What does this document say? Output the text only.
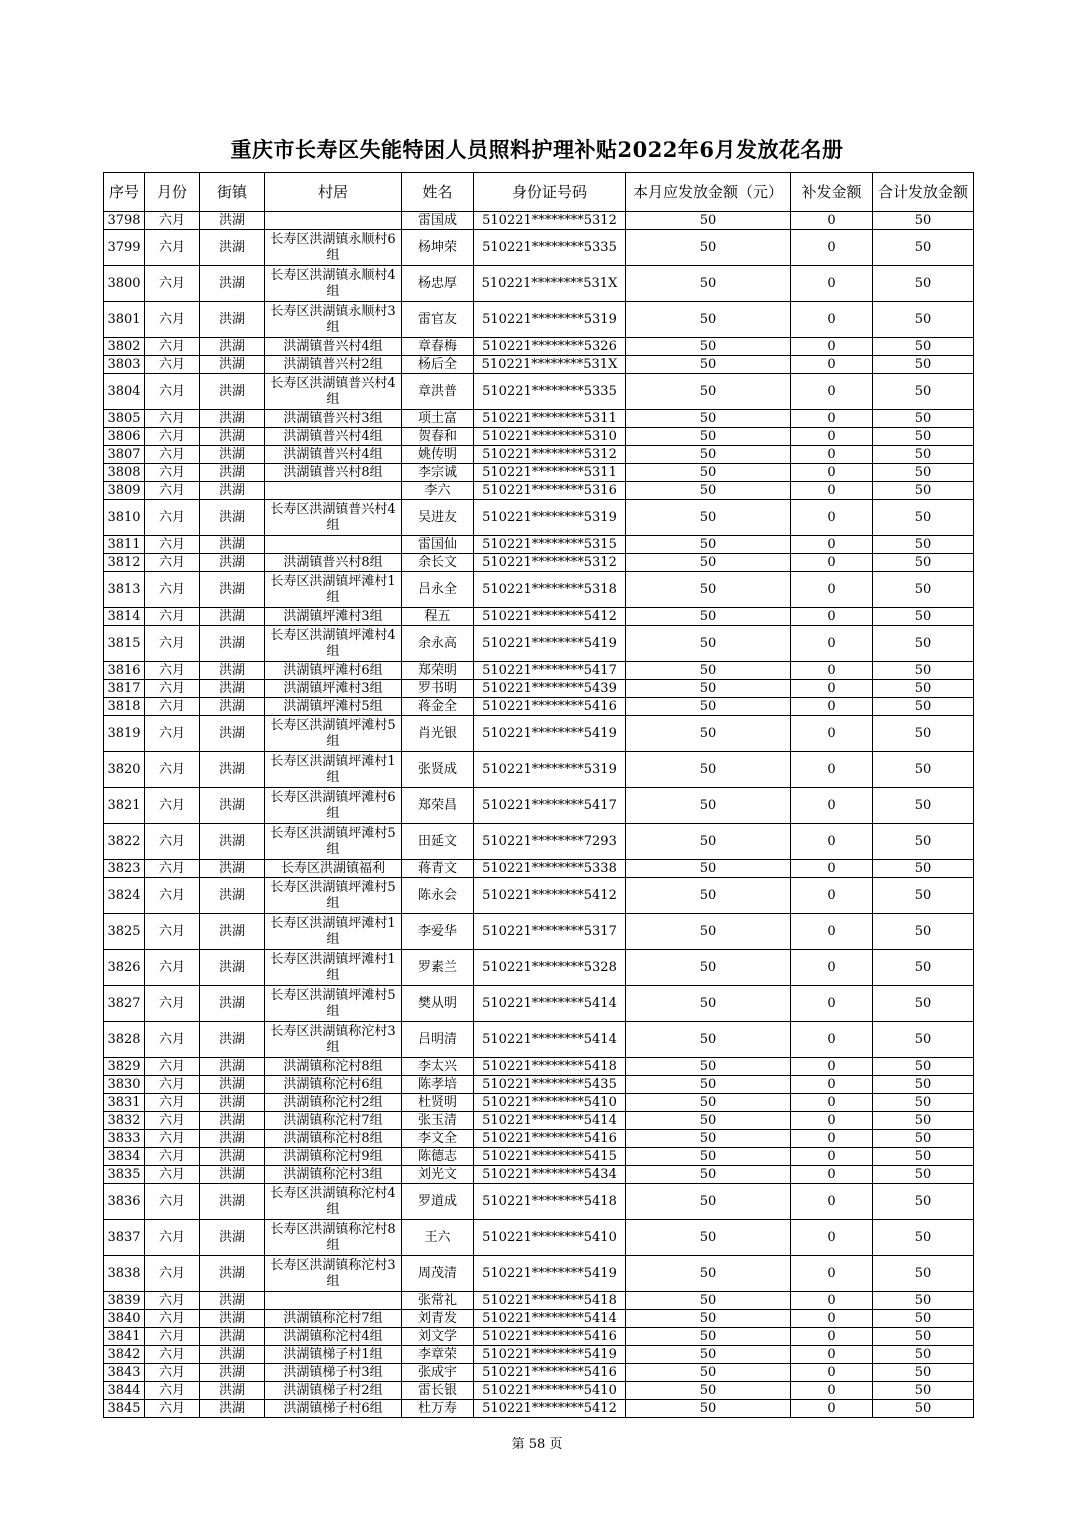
重庆市长寿区失能特困人员照料护理补贴2022年6月发放花名册
序号	月份	街镇	村居	姓名	身份证号码	本月应发放金额（元）	补发金额	合计发放金额
3798	六月	洪湖		雷国成	510221********5312	50	0	50
3799	六月	洪湖	长寿区洪湖镇永顺村6组	杨坤荣	510221********5335	50	0	50
3800	六月	洪湖	长寿区洪湖镇永顺村4组	杨忠厚	510221********531X	50	0	50
3801	六月	洪湖	长寿区洪湖镇永顺村3组	雷官友	510221********5319	50	0	50
3802	六月	洪湖	洪湖镇普兴村4组	章春梅	510221********5326	50	0	50
3803	六月	洪湖	洪湖镇普兴村2组	杨后全	510221********531X	50	0	50
3804	六月	洪湖	长寿区洪湖镇普兴村4组	章洪普	510221********5335	50	0	50
3805	六月	洪湖	洪湖镇普兴村3组	项土富	510221********5311	50	0	50
3806	六月	洪湖	洪湖镇普兴村4组	贺春和	510221********5310	50	0	50
3807	六月	洪湖	洪湖镇普兴村4组	姚传明	510221********5312	50	0	50
3808	六月	洪湖	洪湖镇普兴村8组	李宗诚	510221********5311	50	0	50
3809	六月	洪湖		李六	510221********5316	50	0	50
3810	六月	洪湖	长寿区洪湖镇普兴村4组	吴进友	510221********5319	50	0	50
3811	六月	洪湖		雷国仙	510221********5315	50	0	50
3812	六月	洪湖	洪湖镇普兴村8组	余长文	510221********5312	50	0	50
3813	六月	洪湖	长寿区洪湖镇坪滩村1组	吕永全	510221********5318	50	0	50
3814	六月	洪湖	洪湖镇坪滩村3组	程五	510221********5412	50	0	50
3815	六月	洪湖	长寿区洪湖镇坪滩村4组	余永高	510221********5419	50	0	50
3816	六月	洪湖	洪湖镇坪滩村6组	郑荣明	510221********5417	50	0	50
3817	六月	洪湖	洪湖镇坪滩村3组	罗书明	510221********5439	50	0	50
3818	六月	洪湖	洪湖镇坪滩村5组	蒋金全	510221********5416	50	0	50
3819	六月	洪湖	长寿区洪湖镇坪滩村5组	肖光银	510221********5419	50	0	50
3820	六月	洪湖	长寿区洪湖镇坪滩村1组	张贤成	510221********5319	50	0	50
3821	六月	洪湖	长寿区洪湖镇坪滩村6组	郑荣昌	510221********5417	50	0	50
3822	六月	洪湖	长寿区洪湖镇坪滩村5组	田延文	510221********7293	50	0	50
3823	六月	洪湖	长寿区洪湖镇福利	蒋青文	510221********5338	50	0	50
3824	六月	洪湖	长寿区洪湖镇坪滩村5组	陈永会	510221********5412	50	0	50
3825	六月	洪湖	长寿区洪湖镇坪滩村1组	李爱华	510221********5317	50	0	50
3826	六月	洪湖	长寿区洪湖镇坪滩村1组	罗素兰	510221********5328	50	0	50
3827	六月	洪湖	长寿区洪湖镇坪滩村5组	樊从明	510221********5414	50	0	50
3828	六月	洪湖	长寿区洪湖镇称沱村3组	吕明清	510221********5414	50	0	50
3829	六月	洪湖	洪湖镇称沱村8组	李太兴	510221********5418	50	0	50
3830	六月	洪湖	洪湖镇称沱村6组	陈孝培	510221********5435	50	0	50
3831	六月	洪湖	洪湖镇称沱村2组	杜贤明	510221********5410	50	0	50
3832	六月	洪湖	洪湖镇称沱村7组	张玉清	510221********5414	50	0	50
3833	六月	洪湖	洪湖镇称沱村8组	李文全	510221********5416	50	0	50
3834	六月	洪湖	洪湖镇称沱村9组	陈德志	510221********5415	50	0	50
3835	六月	洪湖	洪湖镇称沱村3组	刘光文	510221********5434	50	0	50
3836	六月	洪湖	长寿区洪湖镇称沱村4组	罗道成	510221********5418	50	0	50
3837	六月	洪湖	长寿区洪湖镇称沱村8组	王六	510221********5410	50	0	50
3838	六月	洪湖	长寿区洪湖镇称沱村3组	周茂清	510221********5419	50	0	50
3839	六月	洪湖		张常礼	510221********5418	50	0	50
3840	六月	洪湖	洪湖镇称沱村7组	刘青发	510221********5414	50	0	50
3841	六月	洪湖	洪湖镇称沱村4组	刘文学	510221********5416	50	0	50
3842	六月	洪湖	洪湖镇梯子村1组	李章荣	510221********5419	50	0	50
3843	六月	洪湖	洪湖镇梯子村3组	张成宇	510221********5416	50	0	50
3844	六月	洪湖	洪湖镇梯子村2组	雷长银	510221********5410	50	0	50
3845	六月	洪湖	洪湖镇梯子村6组	杜万寿	510221********5412	50	0	50
第 58 页
